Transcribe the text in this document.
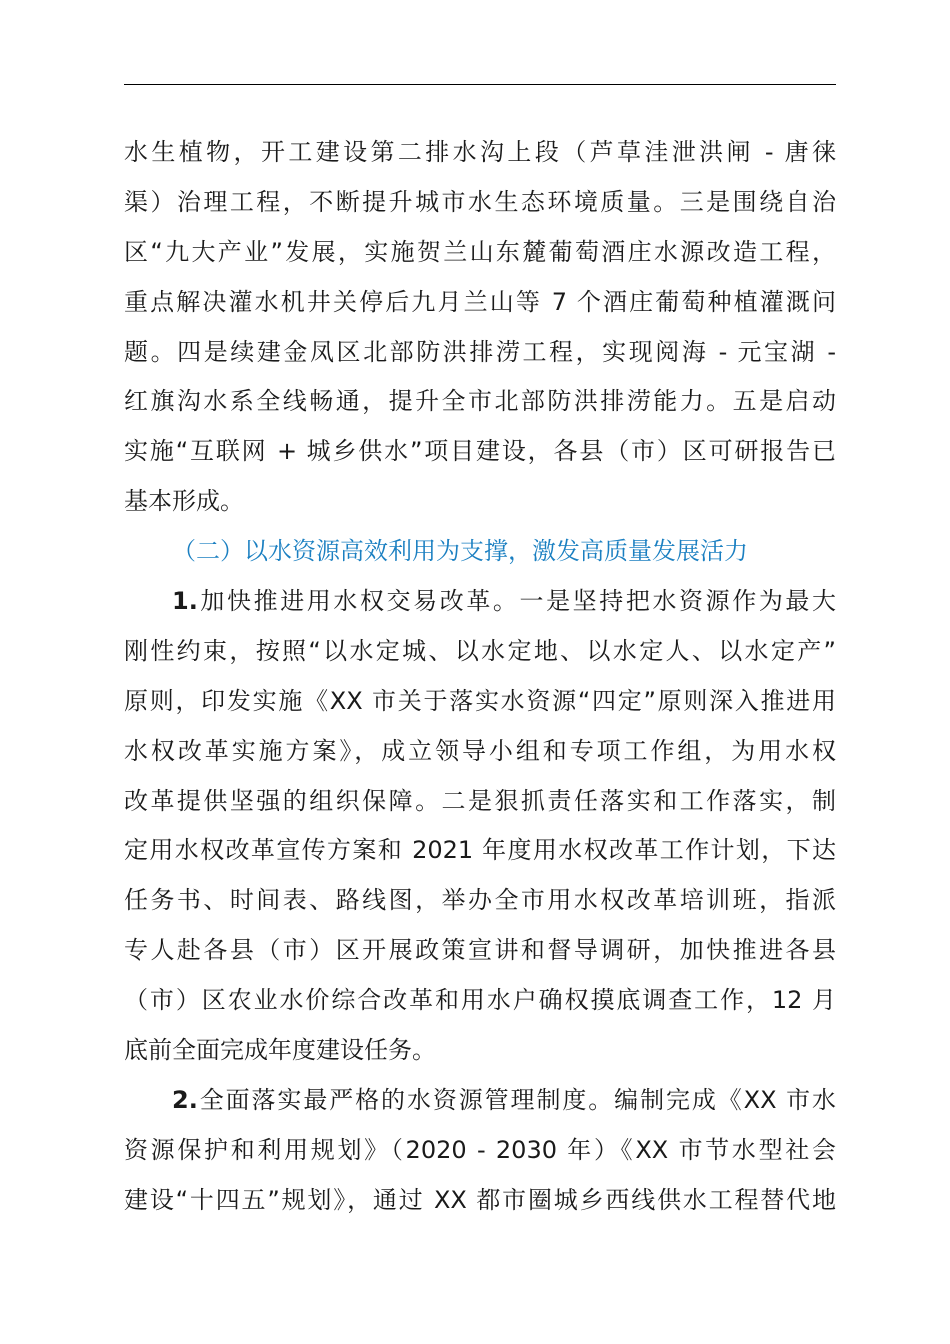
水生植物，开工建设第二排水沟上段（芦草洼泄洪闸 - 唐徕
渠）治理工程，不断提升城市水生态环境质量。三是围绕自治
区“九大产业”发展，实施贺兰山东麓葡萄酒庄水源改造工程，
重点解决灌水机井关停后九月兰山等 7 个酒庄葡萄种植灌溉问
题。四是续建金凤区北部防洪排涝工程，实现阅海 - 元宝湖 -
红旗沟水系全线畅通，提升全市北部防洪排涝能力。五是启动
实施“互联网 + 城乡供水”项目建设，各县（市）区可研报告已
基本形成。
（二）以水资源高效利用为支撑，激发高质量发展活力
1.加快推进用水权交易改革。一是坚持把水资源作为最大
刚性约束，按照“以水定城、以水定地、以水定人、以水定产”
原则，印发实施《XX 市关于落实水资源“四定”原则深入推进用
水权改革实施方案》，成立领导小组和专项工作组，为用水权
改革提供坚强的组织保障。二是狠抓责任落实和工作落实，制
定用水权改革宣传方案和 2021 年度用水权改革工作计划，下达
任务书、时间表、路线图，举办全市用水权改革培训班，指派
专人赴各县（市）区开展政策宣讲和督导调研，加快推进各县
（市）区农业水价综合改革和用水户确权摸底调查工作，12 月
底前全面完成年度建设任务。
2.全面落实最严格的水资源管理制度。编制完成《XX 市水
资源保护和利用规划》（2020 - 2030 年）《XX 市节水型社会
建设“十四五”规划》，通过 XX 都市圈城乡西线供水工程替代地
